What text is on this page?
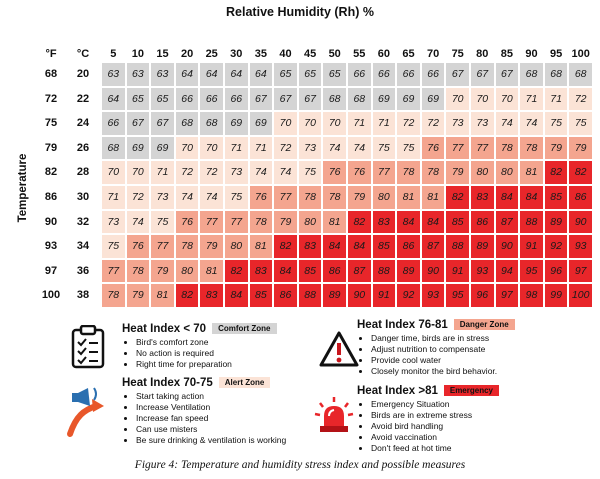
Relative Humidity (Rh) %
Temperature
°F	°C	5	10	15	20	25	30	35	40	45	50	55	60	65	70	75	80	85	90	95 100
68	20	63	63	63	64	64	64	64	65	65	65	66	66	66	66	67	67	67	68	68	68
72	22	64	65	65	66	66	66	67	67	67	68	68	69	69	69	70	70	70	71	71	72
75	24	66	67	67	68	68	69	69	70	70	70	71	71	72	72	73	73	74	74	75	75
79	26	68	69	69	70	70	71	71	72	73	74	74	75	75	76	77	77	78	78	79	79
82	28	70	70	71	72	72	73	74	74	75	76	76	77	78	78	79	80	80	81	82	82
86	30	71	72	73	74	74	75	76	77	78	78	79	80	81	81	82	83	84	84	85	86
90	32	73	74	75	76	77	77	78	79	80	81	82	83	84	84	85	86	87	88	89	90
93	34	75	76	77	78	79	80	81	82	83	84	84	85	86	87	88	89	90	91	92	93
97	36	77	78	79	80	81	82	83	84	85	86	87	88	89	90	91	93	94	95	96	97
100	38	78	79	81	82	83	84	85	86	88	89	90	91	92	93	95	96	97	98	99 100
Heat Index < 70 Comfort Zone
• Bird's comfort zone
• No action is required
• Right time for preparation
Heat Index 70-75 Alert Zone
• Start taking action
• Increase Ventilation
• Increase fan speed
• Can use misters
• Be sure drinking & ventilation is working
Heat Index 76-81 Danger Zone
• Danger time, birds are in stress
• Adjust nutrition to compensate
• Provide cool water
• Closely monitor the bird behavior.
Heat Index >81 Emergency
• Emergency Situation
• Birds are in extreme stress
• Avoid bird handling
• Avoid vaccination
• Don't feed at hot time
Figure 4: Temperature and humidity stress index and possible measures
